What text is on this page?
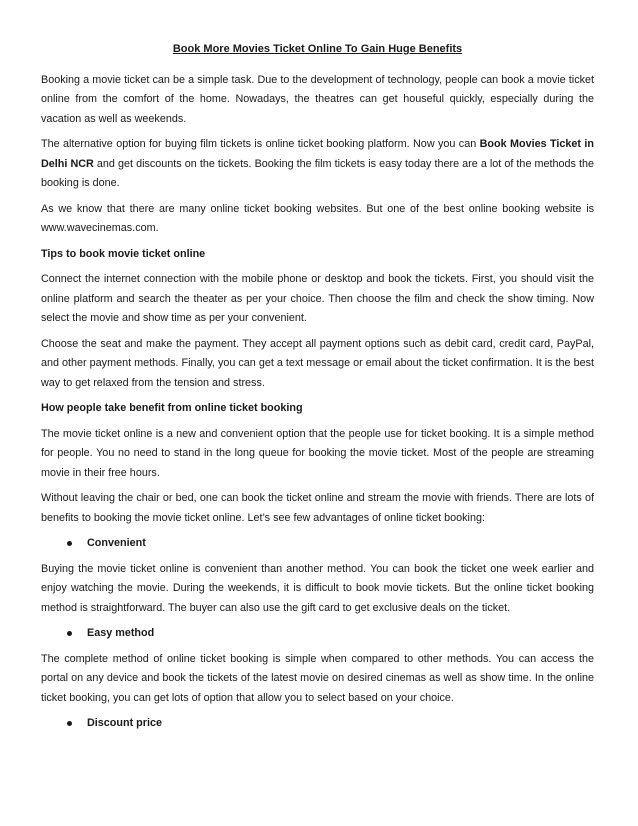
Book More Movies Ticket Online To Gain Huge Benefits

Booking a movie ticket can be a simple task. Due to the development of technology, people can book a movie ticket online from the comfort of the home. Nowadays, the theatres can get houseful quickly, especially during the vacation as well as weekends.

The alternative option for buying film tickets is online ticket booking platform. Now you can Book Movies Ticket in Delhi NCR and get discounts on the tickets. Booking the film tickets is easy today there are a lot of the methods the booking is done.

As we know that there are many online ticket booking websites. But one of the best online booking website is www.wavecinemas.com.

Tips to book movie ticket online

Connect the internet connection with the mobile phone or desktop and book the tickets. First, you should visit the online platform and search the theater as per your choice. Then choose the film and check the show timing. Now select the movie and show time as per your convenient.

Choose the seat and make the payment. They accept all payment options such as debit card, credit card, PayPal, and other payment methods. Finally, you can get a text message or email about the ticket confirmation. It is the best way to get relaxed from the tension and stress.

How people take benefit from online ticket booking

The movie ticket online is a new and convenient option that the people use for ticket booking. It is a simple method for people. You no need to stand in the long queue for booking the movie ticket. Most of the people are streaming movie in their free hours.

Without leaving the chair or bed, one can book the ticket online and stream the movie with friends. There are lots of benefits to booking the movie ticket online. Let’s see few advantages of online ticket booking:

Convenient

Buying the movie ticket online is convenient than another method. You can book the ticket one week earlier and enjoy watching the movie. During the weekends, it is difficult to book movie tickets. But the online ticket booking method is straightforward. The buyer can also use the gift card to get exclusive deals on the ticket.

Easy method

The complete method of online ticket booking is simple when compared to other methods. You can access the portal on any device and book the tickets of the latest movie on desired cinemas as well as show time. In the online ticket booking, you can get lots of option that allow you to select based on your choice.

Discount price
